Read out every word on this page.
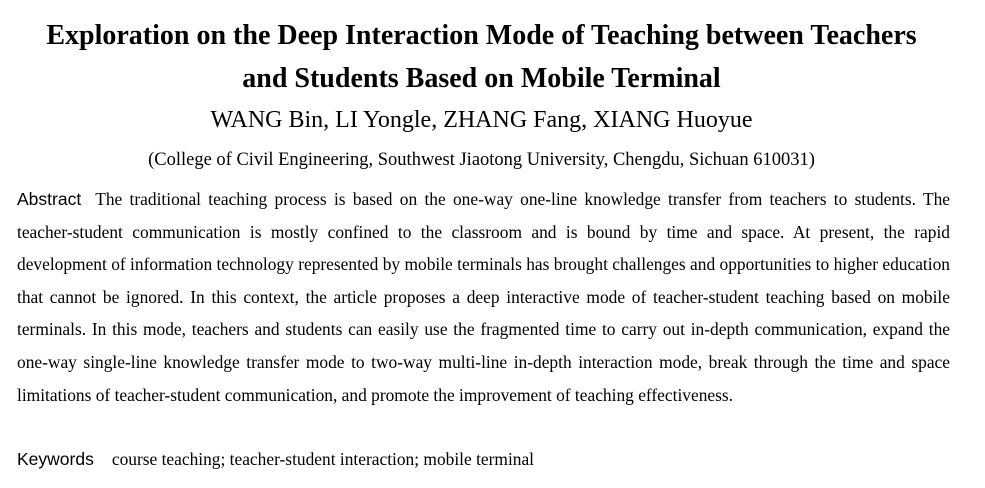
Exploration on the Deep Interaction Mode of Teaching between Teachers
and Students Based on Mobile Terminal
WANG Bin, LI Yongle, ZHANG Fang, XIANG Huoyue
(College of Civil Engineering, Southwest Jiaotong University, Chengdu, Sichuan 610031)
Abstract The traditional teaching process is based on the one-way one-line knowledge transfer from teachers to students. The teacher-student communication is mostly confined to the classroom and is bound by time and space. At present, the rapid development of information technology represented by mobile terminals has brought challenges and opportunities to higher education that cannot be ignored. In this context, the article proposes a deep interactive mode of teacher-student teaching based on mobile terminals. In this mode, teachers and students can easily use the fragmented time to carry out in-depth communication, expand the one-way single-line knowledge transfer mode to two-way multi-line in-depth interaction mode, break through the time and space limitations of teacher-student communication, and promote the improvement of teaching effectiveness.
Keywords course teaching; teacher-student interaction; mobile terminal
